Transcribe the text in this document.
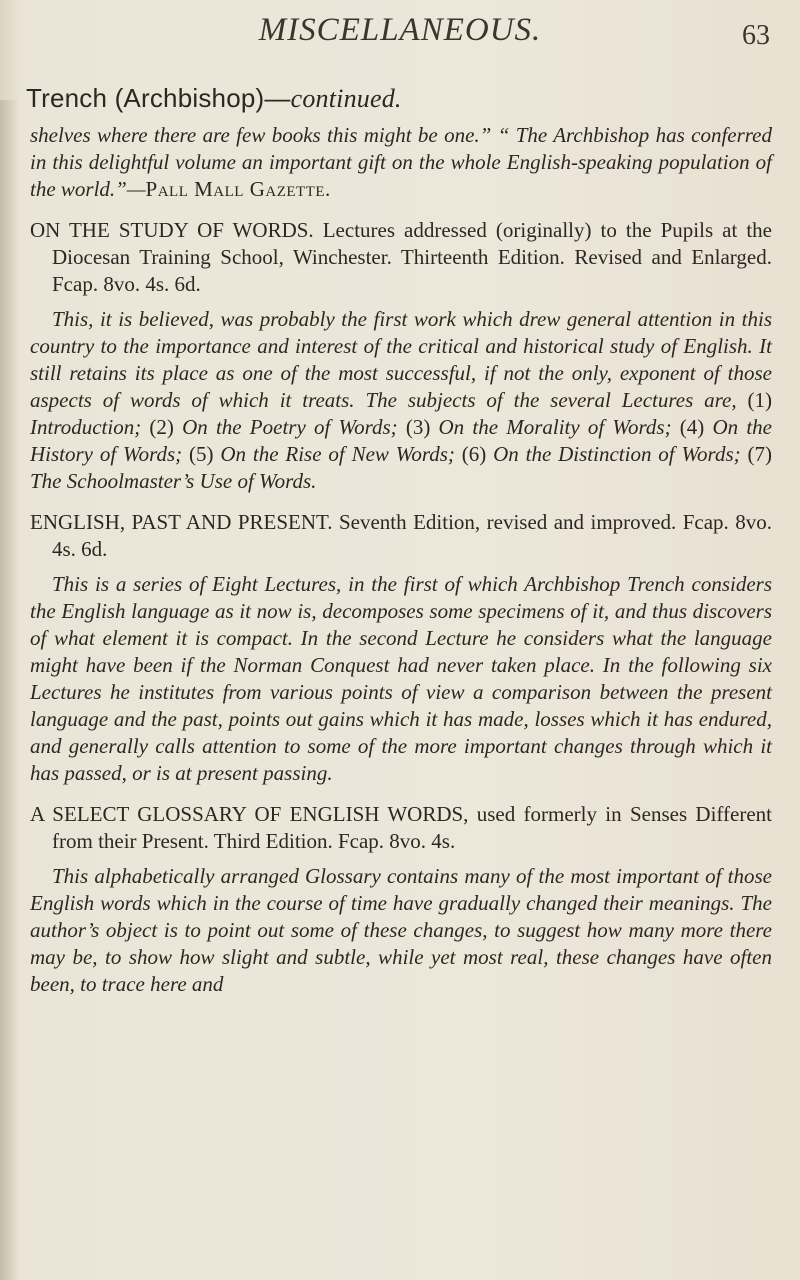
MISCELLANEOUS.	63
Trench (Archbishop)—continued.

shelves where there are few books this might be one.” “ The Archbishop has conferred in this delightful volume an important gift on the whole English-speaking population of the world.”—Pall Mall Gazette.

ON THE STUDY OF WORDS. Lectures addressed (originally) to the Pupils at the Diocesan Training School, Winchester. Thirteenth Edition. Revised and Enlarged. Fcap. 8vo. 4s. 6d.

This, it is believed, was probably the first work which drew general attention in this country to the importance and interest of the critical and historical study of English. It still retains its place as one of the most successful, if not the only, exponent of those aspects of words of which it treats. The subjects of the several Lectures are, (1) Introduction; (2) On the Poetry of Words; (3) On the Morality of Words; (4) On the History of Words; (5) On the Rise of New Words; (6) On the Distinction of Words; (7) The Schoolmaster’s Use of Words.

ENGLISH, PAST AND PRESENT. Seventh Edition, revised and improved. Fcap. 8vo. 4s. 6d.

This is a series of Eight Lectures, in the first of which Archbishop Trench considers the English language as it now is, decomposes some specimens of it, and thus discovers of what element it is compact. In the second Lecture he considers what the language might have been if the Norman Conquest had never taken place. In the following six Lectures he institutes from various points of view a comparison between the present language and the past, points out gains which it has made, losses which it has endured, and generally calls attention to some of the more important changes through which it has passed, or is at present passing.

A SELECT GLOSSARY OF ENGLISH WORDS, used formerly in Senses Different from their Present. Third Edition. Fcap. 8vo. 4s.

This alphabetically arranged Glossary contains many of the most important of those English words which in the course of time have gradually changed their meanings. The author’s object is to point out some of these changes, to suggest how many more there may be, to show how slight and subtle, while yet most real, these changes have often been, to trace here and
